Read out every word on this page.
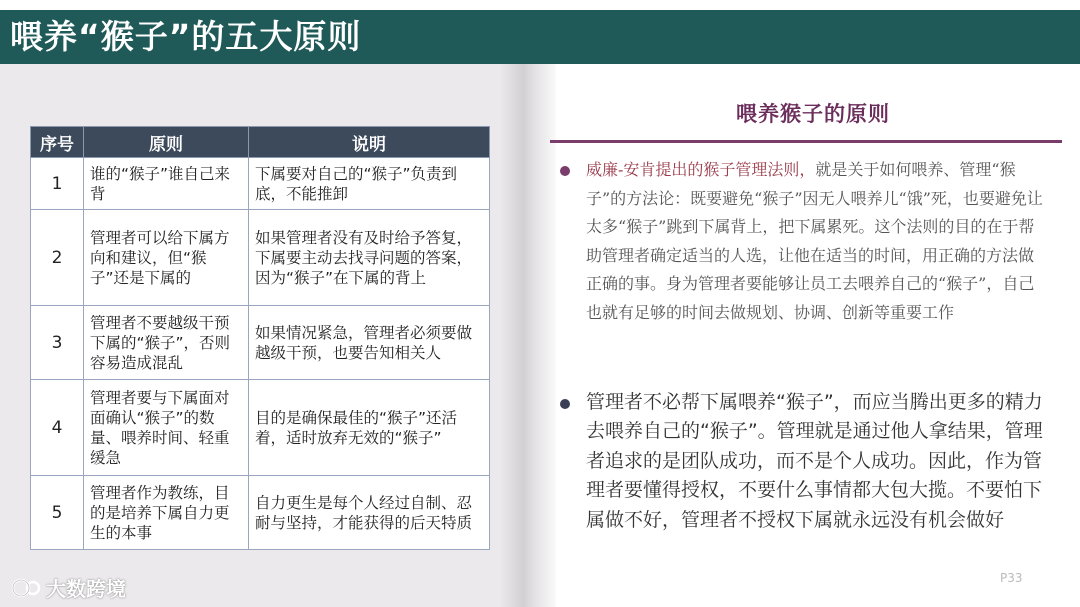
喂养“猴子”的五大原则
序号	原则	说明
1	谁的“猴子”谁自己来背	下属要对自己的“猴子”负责到底，不能推卸
2	管理者可以给下属方向和建议，但“猴子”还是下属的	如果管理者没有及时给予答复，下属要主动去找寻问题的答案，因为“猴子”在下属的背上
3	管理者不要越级干预下属的“猴子”，否则容易造成混乱	如果情况紧急，管理者必须要做越级干预，也要告知相关人
4	管理者要与下属面对面确认“猴子”的数量、喂养时间、轻重缓急	目的是确保最佳的“猴子”还活着，适时放弃无效的“猴子”
5	管理者作为教练，目的是培养下属自力更生的本事	自力更生是每个人经过自制、忍耐与坚持，才能获得的后天特质
喂养猴子的原则
威廉-安肯提出的猴子管理法则，就是关于如何喂养、管理“猴子”的方法论：既要避免“猴子”因无人喂养儿“饿”死，也要避免让太多“猴子”跳到下属背上，把下属累死。这个法则的目的在于帮助管理者确定适当的人选，让他在适当的时间，用正确的方法做正确的事。身为管理者要能够让员工去喂养自己的“猴子”，自己也就有足够的时间去做规划、协调、创新等重要工作
管理者不必帮下属喂养“猴子”，而应当腾出更多的精力去喂养自己的“猴子”。管理就是通过他人拿结果，管理者追求的是团队成功，而不是个人成功。因此，作为管理者要懂得授权，不要什么事情都大包大揽。不要怕下属做不好，管理者不授权下属就永远没有机会做好
P33
大数跨境
